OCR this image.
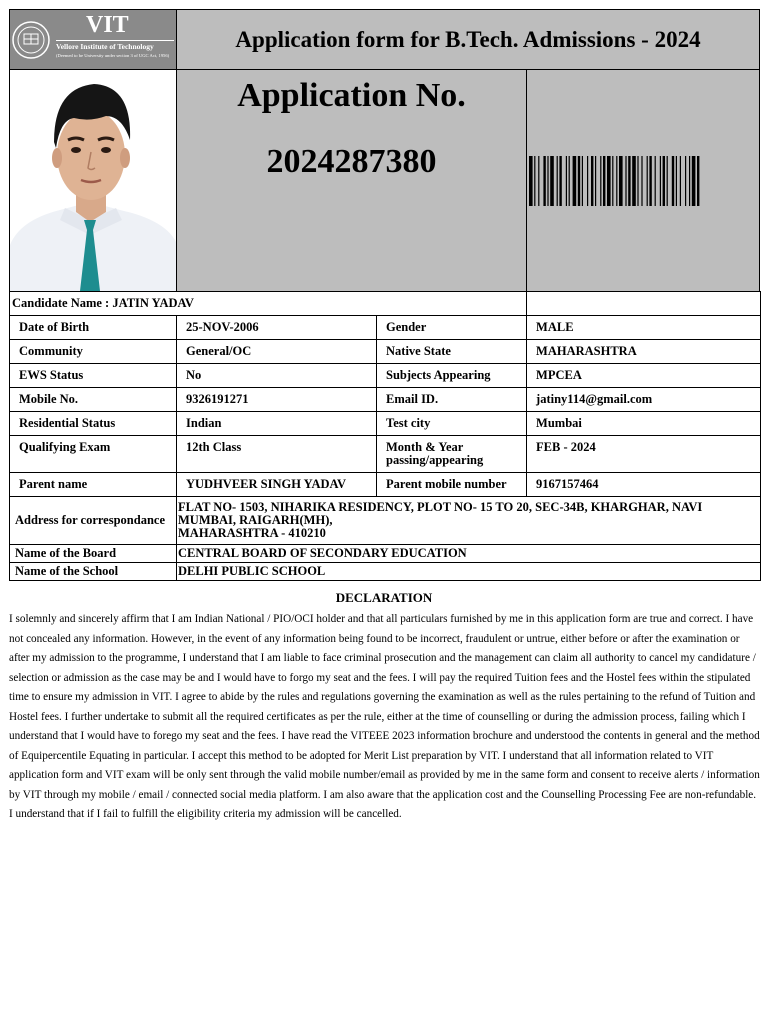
VIT
Vellore Institute of Technology
(Deemed to be University under section 3 of UGC Act, 1956)
Application form for B.Tech. Admissions - 2024
Application No.
2024287380
Candidate Name : JATIN YADAV			
Date of Birth	25-NOV-2006	Gender	MALE
Community	General/OC	Native State	MAHARASHTRA
EWS Status	No	Subjects Appearing	MPCEA
Mobile No.	9326191271	Email ID.	jatiny114@gmail.com
Residential Status	Indian	Test city	Mumbai
Qualifying Exam	12th Class	Month & Year passing/appearing	FEB - 2024
Parent name	YUDHVEER SINGH YADAV	Parent mobile number	9167157464
Address for correspondance	FLAT NO- 1503, NIHARIKA RESIDENCY, PLOT NO- 15 TO 20, SEC-34B, KHARGHAR, NAVI MUMBAI, RAIGARH(MH),
MAHARASHTRA - 410210		
Name of the Board	CENTRAL BOARD OF SECONDARY EDUCATION		
Name of the School	DELHI PUBLIC SCHOOL		
DECLARATION
I solemnly and sincerely affirm that I am Indian National / PIO/OCI holder and that all particulars furnished by me in this application form are true and correct. I have not concealed any information. However, in the event of any information being found to be incorrect, fraudulent or untrue, either before or after the examination or after my admission to the programme, I understand that I am liable to face criminal prosecution and the management can claim all authority to cancel my candidature / selection or admission as the case may be and I would have to forgo my seat and the fees. I will pay the required Tuition fees and the Hostel fees within the stipulated time to ensure my admission in VIT. I agree to abide by the rules and regulations governing the examination as well as the rules pertaining to the refund of Tuition and Hostel fees. I further undertake to submit all the required certificates as per the rule, either at the time of counselling or during the admission process, failing which I understand that I would have to forego my seat and the fees. I have read the VITEEE 2023 information brochure and understood the contents in general and the method of Equipercentile Equating in particular. I accept this method to be adopted for Merit List preparation by VIT. I understand that all information related to VIT application form and VIT exam will be only sent through the valid mobile number/email as provided by me in the same form and consent to receive alerts / information by VIT through my mobile / email / connected social media platform. I am also aware that the application cost and the Counselling Processing Fee are non-refundable. I understand that if I fail to fulfill the eligibility criteria my admission will be cancelled.
